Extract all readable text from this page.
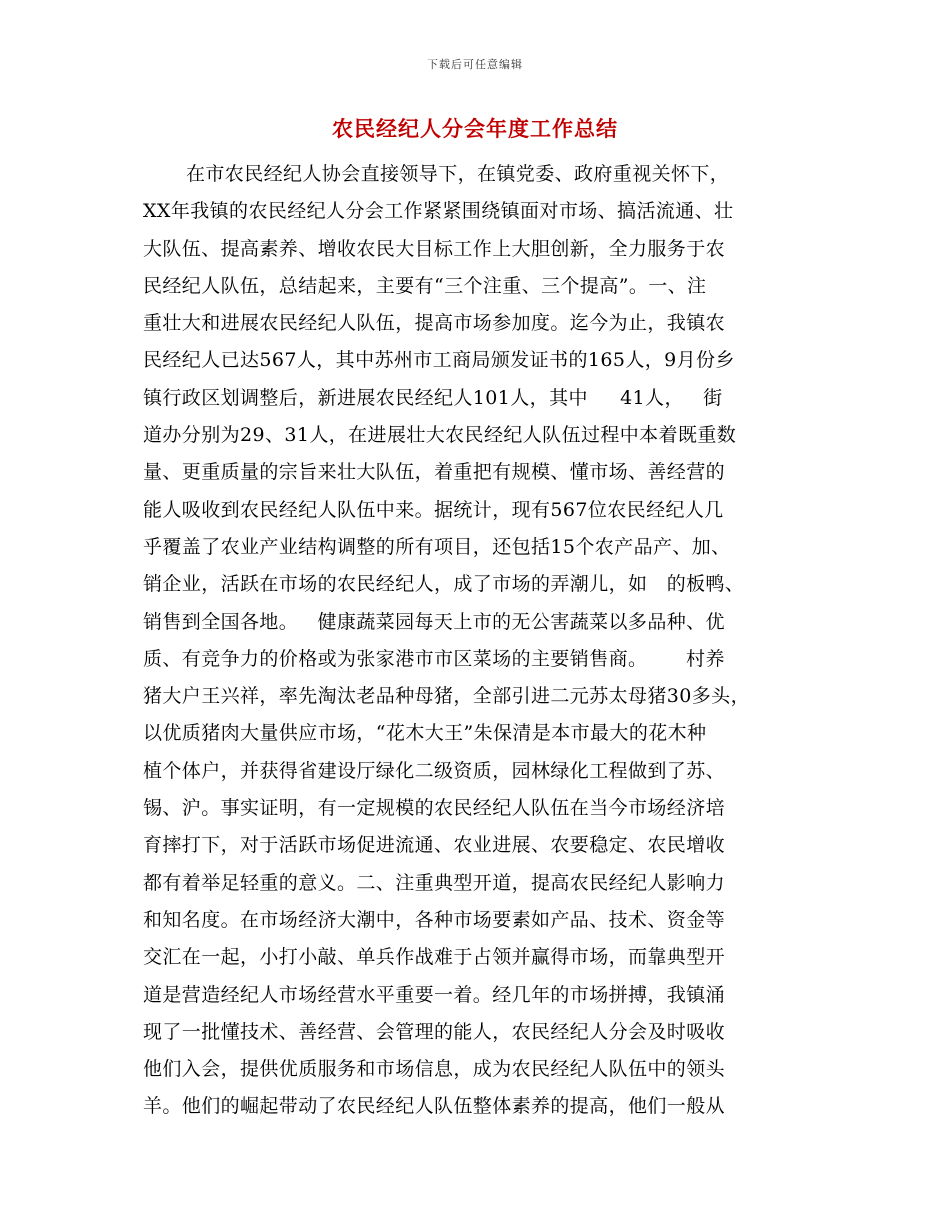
下载后可任意编辑
农民经纪人分会年度工作总结
在市农民经纪人协会直接领导下，在镇党委、政府重视关怀下，
XX年我镇的农民经纪人分会工作紧紧围绕镇面对市场、搞活流通、壮
大队伍、提高素养、增收农民大目标工作上大胆创新，全力服务于农
民经纪人队伍，总结起来，主要有“三个注重、三个提高”。一、注
重壮大和进展农民经纪人队伍，提高市场参加度。迄今为止，我镇农
民经纪人已达567人，其中苏州市工商局颁发证书的165人，9月份乡
镇行政区划调整后，新进展农民经纪人101人，其中     41人，   街
道办分别为29、31人，在进展壮大农民经纪人队伍过程中本着既重数
量、更重质量的宗旨来壮大队伍，着重把有规模、懂市场、善经营的
能人吸收到农民经纪人队伍中来。据统计，现有567位农民经纪人几
乎覆盖了农业产业结构调整的所有项目，还包括15个农产品产、加、
销企业，活跃在市场的农民经纪人，成了市场的弄潮儿，如   的板鸭、
销售到全国各地。   健康蔬菜园每天上市的无公害蔬菜以多品种、优
质、有竞争力的价格或为张家港市市区菜场的主要销售商。      村养
猪大户王兴祥，率先淘汰老品种母猪，全部引进二元苏太母猪30多头，
以优质猪肉大量供应市场，“花木大王”朱保清是本市最大的花木种
植个体户，并获得省建设厅绿化二级资质，园林绿化工程做到了苏、
锡、沪。事实证明，有一定规模的农民经纪人队伍在当今市场经济培
育摔打下，对于活跃市场促进流通、农业进展、农要稳定、农民增收
都有着举足轻重的意义。二、注重典型开道，提高农民经纪人影响力
和知名度。在市场经济大潮中，各种市场要素如产品、技术、资金等
交汇在一起，小打小敲、单兵作战难于占领并赢得市场，而靠典型开
道是营造经纪人市场经营水平重要一着。经几年的市场拼搏，我镇涌
现了一批懂技术、善经营、会管理的能人，农民经纪人分会及时吸收
他们入会，提供优质服务和市场信息，成为农民经纪人队伍中的领头
羊。他们的崛起带动了农民经纪人队伍整体素养的提高，他们一般从
